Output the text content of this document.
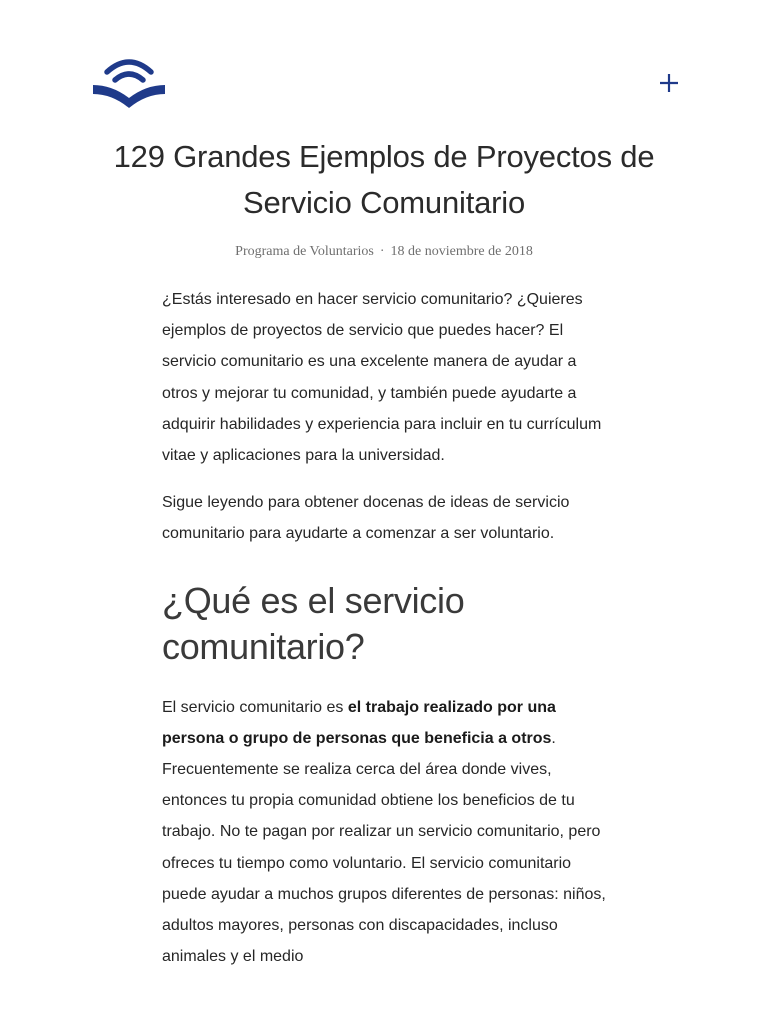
129 Grandes Ejemplos de Proyectos de Servicio Comunitario
Programa de Voluntarios · 18 de noviembre de 2018

¿Estás interesado en hacer servicio comunitario? ¿Quieres ejemplos de proyectos de servicio que puedes hacer? El servicio comunitario es una excelente manera de ayudar a otros y mejorar tu comunidad, y también puede ayudarte a adquirir habilidades y experiencia para incluir en tu currículum vitae y aplicaciones para la universidad.

Sigue leyendo para obtener docenas de ideas de servicio comunitario para ayudarte a comenzar a ser voluntario.

¿Qué es el servicio comunitario?

El servicio comunitario es el trabajo realizado por una persona o grupo de personas que beneficia a otros. Frecuentemente se realiza cerca del área donde vives, entonces tu propia comunidad obtiene los beneficios de tu trabajo. No te pagan por realizar un servicio comunitario, pero ofreces tu tiempo como voluntario. El servicio comunitario puede ayudar a muchos grupos diferentes de personas: niños, adultos mayores, personas con discapacidades, incluso animales y el medio
